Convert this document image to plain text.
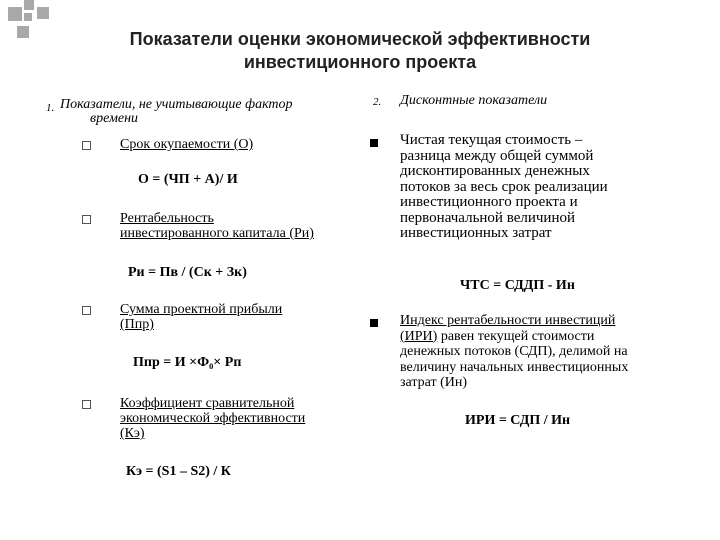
Показатели оценки экономической эффективности
инвестиционного проекта
1. Показатели, не учитывающие фактор
времени
Срок окупаемости (О)
О = (ЧП + А)/ И
Рентабельность
инвестированного капитала (Ри)
Ри = Пв / (Ск + Зк)
Сумма проектной прибыли
(Ппр)
Ппр = И ×Ф₀× Рп
Коэффициент сравнительной
экономической эффективности
(Кэ)
Кэ = (S1 – S2) / К
2. Дисконтные показатели
Чистая текущая стоимость –
разница между общей суммой
дисконтированных денежных
потоков за весь срок реализации
инвестиционного проекта и
первоначальной величиной
инвестиционных затрат
ЧТС = СДДП - Ин
Индекс рентабельности инвестиций
(ИРИ) равен текущей стоимости
денежных потоков (СДП), делимой на
величину начальных инвестиционных
затрат (Ин)
ИРИ = СДП / Ин
